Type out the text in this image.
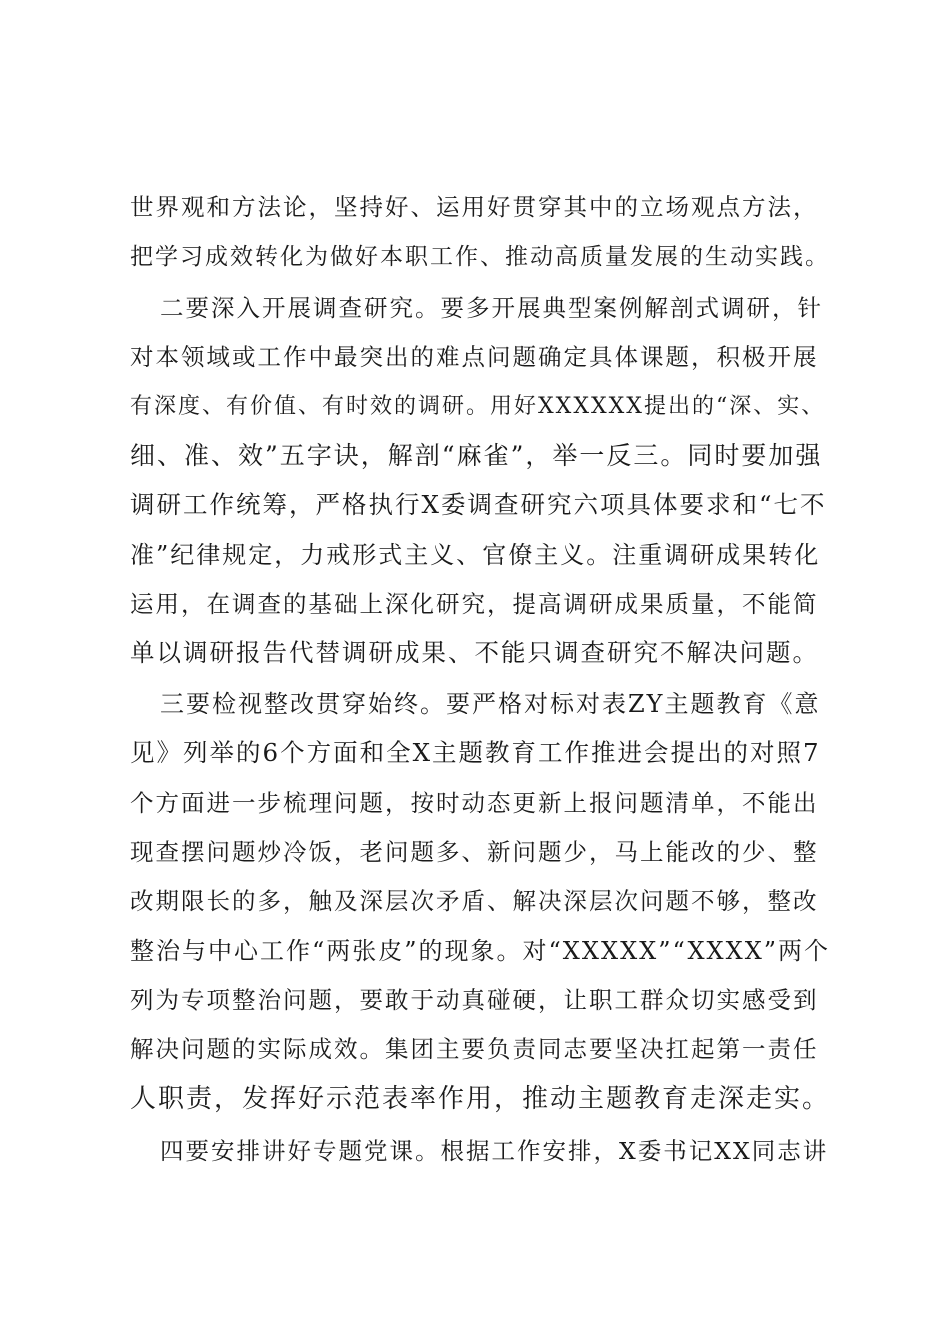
世界观和方法论，坚持好、运用好贯穿其中的立场观点方法，
把学习成效转化为做好本职工作、推动高质量发展的生动实践。
二要深入开展调查研究。要多开展典型案例解剖式调研，针
对本领域或工作中最突出的难点问题确定具体课题，积极开展
有深度、有价值、有时效的调研。用好XXXXXX提出的“深、实、
细、准、效”五字诀，解剖“麻雀”，举一反三。同时要加强
调研工作统筹，严格执行X委调查研究六项具体要求和“七不
准”纪律规定，力戒形式主义、官僚主义。注重调研成果转化
运用，在调查的基础上深化研究，提高调研成果质量，不能简
单以调研报告代替调研成果、不能只调查研究不解决问题。
三要检视整改贯穿始终。要严格对标对表ZY主题教育《意
见》列举的6个方面和全X主题教育工作推进会提出的对照7
个方面进一步梳理问题，按时动态更新上报问题清单，不能出
现查摆问题炒冷饭，老问题多、新问题少，马上能改的少、整
改期限长的多，触及深层次矛盾、解决深层次问题不够，整改
整治与中心工作“两张皮”的现象。对“XXXXX”“XXXX”两个
列为专项整治问题，要敢于动真碰硬，让职工群众切实感受到
解决问题的实际成效。集团主要负责同志要坚决扛起第一责任
人职责，发挥好示范表率作用，推动主题教育走深走实。
四要安排讲好专题党课。根据工作安排，X委书记XX同志讲
